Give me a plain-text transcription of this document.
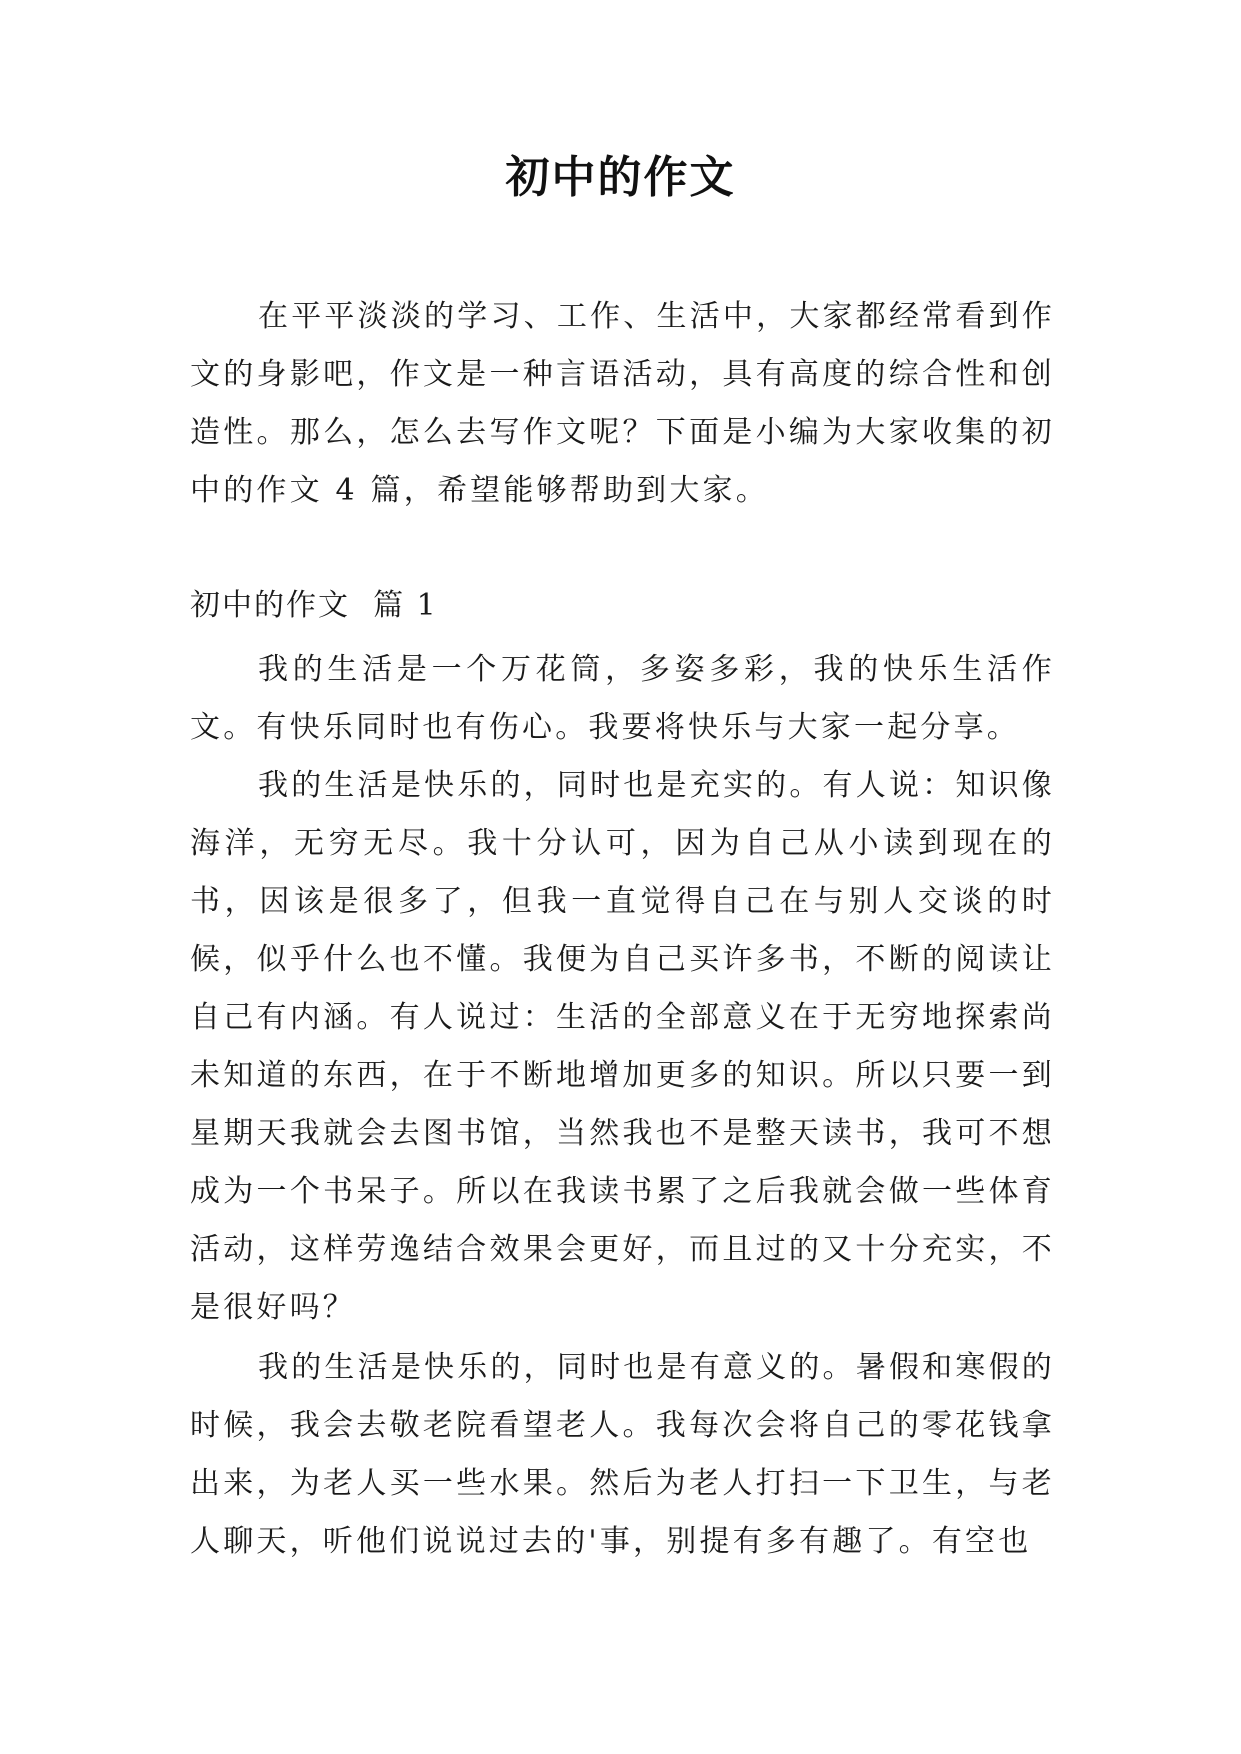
初中的作文

在平平淡淡的学习、工作、生活中，大家都经常看到作文的身影吧，作文是一种言语活动，具有高度的综合性和创造性。那么，怎么去写作文呢？下面是小编为大家收集的初中的作文 4 篇，希望能够帮助到大家。

初中的作文  篇 1

我的生活是一个万花筒，多姿多彩，我的快乐生活作文。有快乐同时也有伤心。我要将快乐与大家一起分享。

我的生活是快乐的，同时也是充实的。有人说：知识像海洋，无穷无尽。我十分认可，因为自己从小读到现在的书，因该是很多了，但我一直觉得自己在与别人交谈的时候，似乎什么也不懂。我便为自己买许多书，不断的阅读让自己有内涵。有人说过：生活的全部意义在于无穷地探索尚未知道的东西，在于不断地增加更多的知识。所以只要一到星期天我就会去图书馆，当然我也不是整天读书，我可不想成为一个书呆子。所以在我读书累了之后我就会做一些体育活动，这样劳逸结合效果会更好，而且过的又十分充实，不是很好吗？

我的生活是快乐的，同时也是有意义的。暑假和寒假的时候，我会去敬老院看望老人。我每次会将自己的零花钱拿出来，为老人买一些水果。然后为老人打扫一下卫生，与老人聊天，听他们说说过去的'事，别提有多有趣了。有空也
